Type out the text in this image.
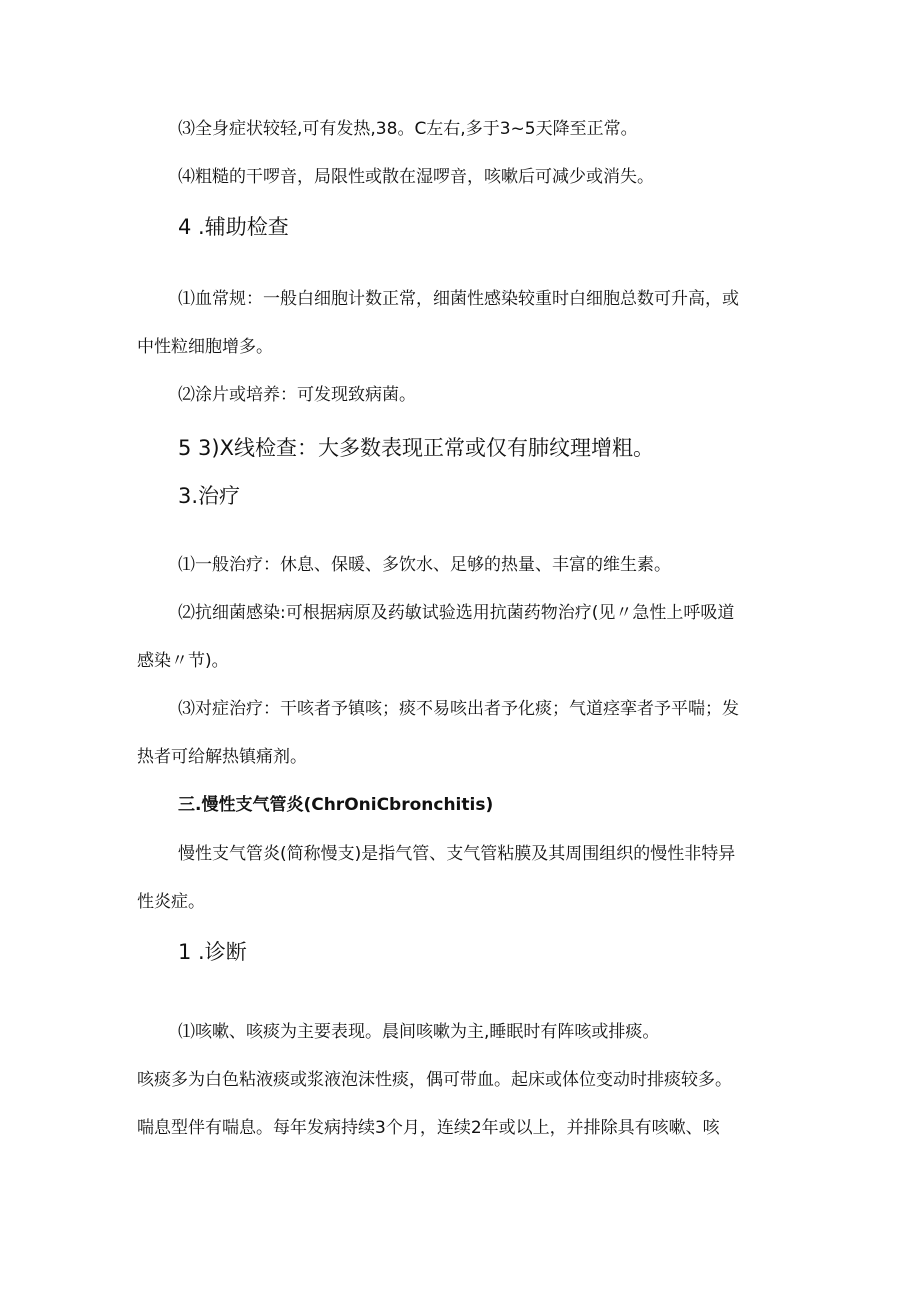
⑶全身症状较轻,可有发热,38。C左右,多于3~5天降至正常。

⑷粗糙的干啰音，局限性或散在湿啰音，咳嗽后可减少或消失。

4 .辅助检查

⑴血常规：一般白细胞计数正常，细菌性感染较重时白细胞总数可升高，或

中性粒细胞增多。

⑵涂片或培养：可发现致病菌。

5 3)X线检查：大多数表现正常或仅有肺纹理增粗。

3.治疗

⑴一般治疗：休息、保暖、多饮水、足够的热量、丰富的维生素。

⑵抗细菌感染:可根据病原及药敏试验选用抗菌药物治疗(见〃急性上呼吸道

感染〃节)。

⑶对症治疗：干咳者予镇咳；痰不易咳出者予化痰；气道痉挛者予平喘；发

热者可给解热镇痛剂。

三.慢性支气管炎(ChrOniCbronchitis)

慢性支气管炎(简称慢支)是指气管、支气管粘膜及其周围组织的慢性非特异

性炎症。

1 .诊断

⑴咳嗽、咳痰为主要表现。晨间咳嗽为主,睡眠时有阵咳或排痰。

咳痰多为白色粘液痰或浆液泡沫性痰，偶可带血。起床或体位变动时排痰较多。

喘息型伴有喘息。每年发病持续3个月，连续2年或以上，并排除具有咳嗽、咳
